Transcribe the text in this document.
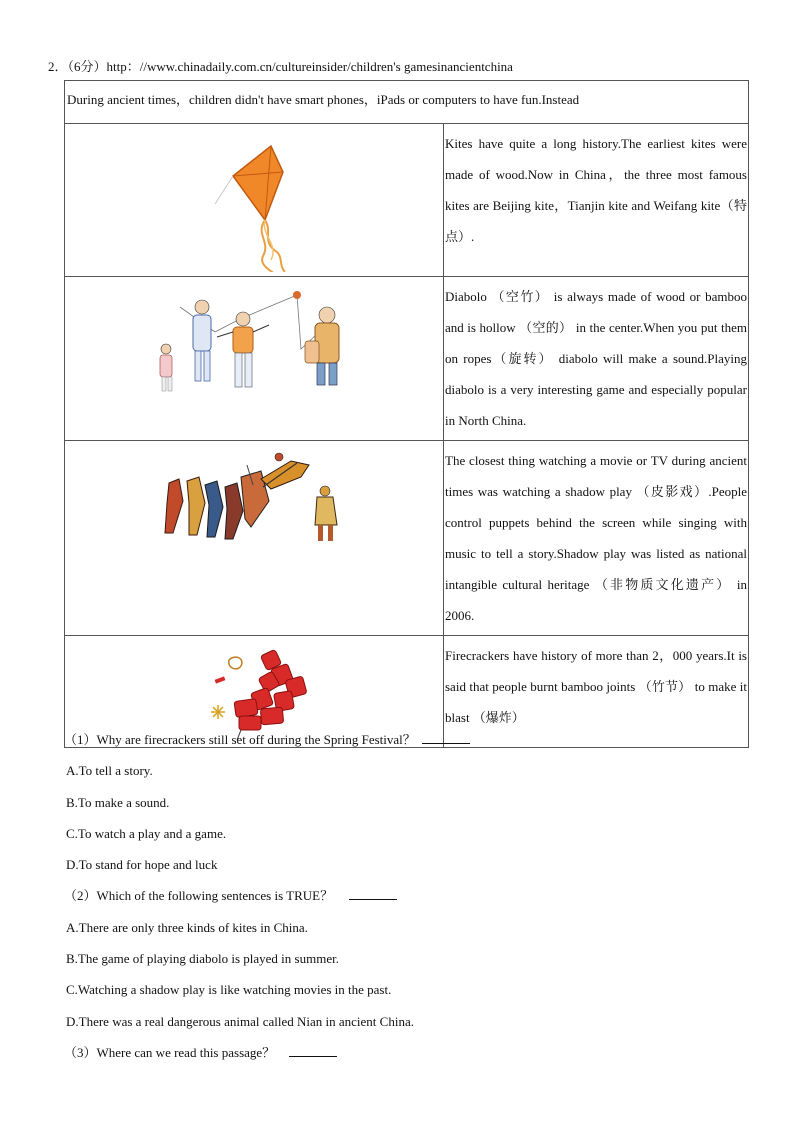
2．（6分）http：//www.chinadaily.com.cn/cultureinsider/children's gamesinancientchina
During ancient times，children didn't have smart phones，iPads or computers to have fun.Instead	

	Kites have quite a long history.The earliest kites were made of wood.Now in China，the three most famous kites are Beijing kite，Tianjin kite and Weifang kite（特点）.

	Diabolo （空竹） is always made of wood or bamboo and is hollow （空的） in the center.When you put them on ropes（旋转） diabolo will make a sound.Playing diabolo is a very interesting game and especially popular in North China.

	The closest thing watching a movie or TV during ancient times was watching a shadow play （皮影戏）.People control puppets behind the screen while singing with music to tell a story.Shadow play was listed as national intangible cultural heritage （非物质文化遗产） in 2006.

	Firecrackers have history of more than 2，000 years.It is said that people burnt bamboo joints （竹节） to make it blast （爆炸）
（1）Why are firecrackers still set off during the Spring Festival？
A.To tell a story.
B.To make a sound.
C.To watch a play and a game.
D.To stand for hope and luck
（2）Which of the following sentences is TRUE？
A.There are only three kinds of kites in China.
B.The game of playing diabolo is played in summer.
C.Watching a shadow play is like watching movies in the past.
D.There was a real dangerous animal called Nian in ancient China.
（3）Where can we read this passage？
